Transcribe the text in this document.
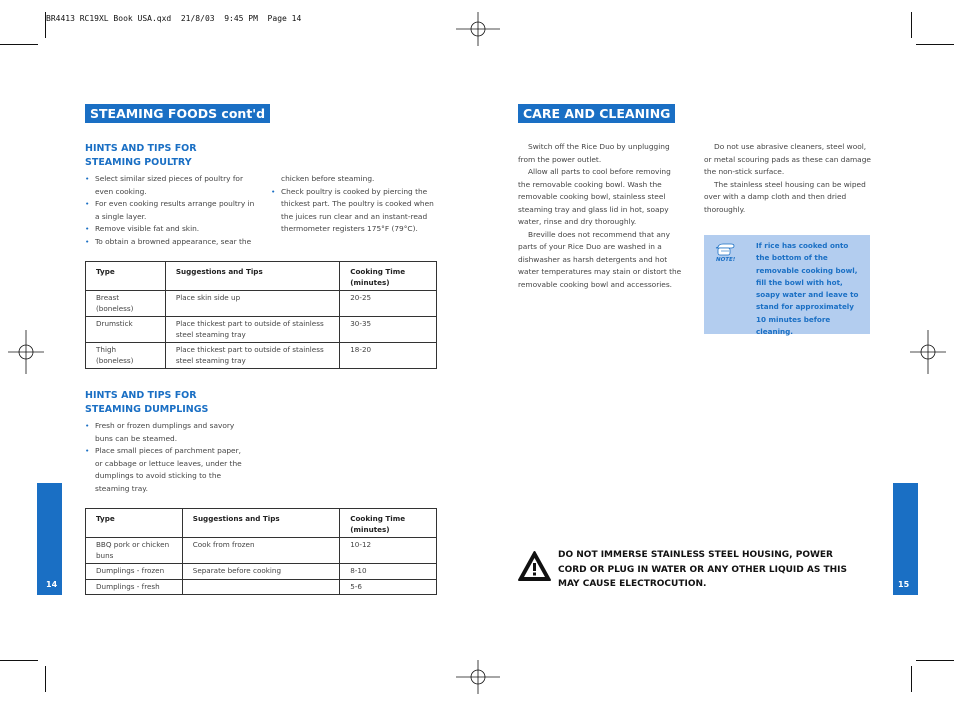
BR4413 RC19XL Book USA.qxd  21/8/03  9:45 PM  Page 14
STEAMING FOODS cont'd
HINTS AND TIPS FOR
STEAMING POULTRY
• Select similar sized pieces of poultry for even cooking.
• For even cooking results arrange poultry in a single layer.
• Remove visible fat and skin.
• To obtain a browned appearance, sear the
chicken before steaming.
• Check poultry is cooked by piercing the thickest part. The poultry is cooked when the juices run clear and an instant-read thermometer registers 175°F (79°C).
Type	Suggestions and Tips	Cooking Time (minutes)
Breast (boneless)	Place skin side up	20-25
Drumstick	Place thickest part to outside of stainless steel steaming tray	30-35
Thigh (boneless)	Place thickest part to outside of stainless steel steaming tray	18-20
HINTS AND TIPS FOR
STEAMING DUMPLINGS
• Fresh or frozen dumplings and savory buns can be steamed.
• Place small pieces of parchment paper, or cabbage or lettuce leaves, under the dumplings to avoid sticking to the steaming tray.
Type	Suggestions and Tips	Cooking Time (minutes)
BBQ pork or chicken buns	Cook from frozen	10-12
Dumplings - frozen	Separate before cooking	8-10
Dumplings - fresh		5-6
14
CARE AND CLEANING

Switch off the Rice Duo by unplugging from the power outlet.

Allow all parts to cool before removing the removable cooking bowl. Wash the removable cooking bowl, stainless steel steaming tray and glass lid in hot, soapy water, rinse and dry thoroughly.

Breville does not recommend that any parts of your Rice Duo are washed in a dishwasher as harsh detergents and hot water temperatures may stain or distort the removable cooking bowl and accessories.

Do not use abrasive cleaners, steel wool, or metal scouring pads as these can damage the non-stick surface.

The stainless steel housing can be wiped over with a damp cloth and then dried thoroughly.

NOTE!
If rice has cooked onto the bottom of the removable cooking bowl, fill the bowl with hot, soapy water and leave to stand for approximately 10 minutes before cleaning.
DO NOT IMMERSE STAINLESS STEEL HOUSING, POWER CORD OR PLUG IN WATER OR ANY OTHER LIQUID AS THIS MAY CAUSE ELECTROCUTION.	15
